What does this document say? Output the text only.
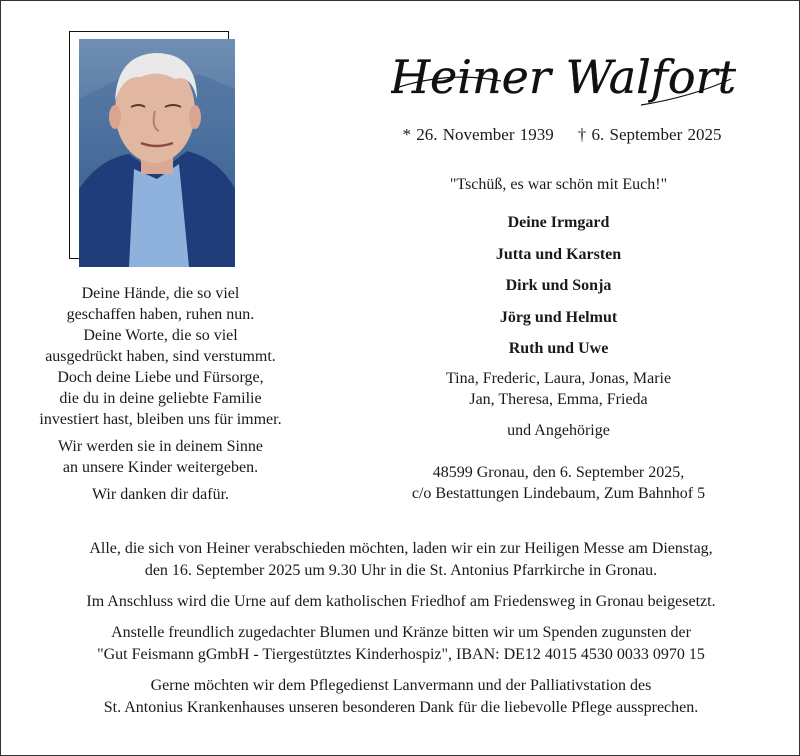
Heiner Walfort
* 26. November 1939 † 6. September 2025
"Tschüß, es war schön mit Euch!"
Deine Irmgard
Jutta und Karsten
Dirk und Sonja
Jörg und Helmut
Ruth und Uwe
Tina, Frederic, Laura, Jonas, Marie
Jan, Theresa, Emma, Frieda
und Angehörige
48599 Gronau, den 6. September 2025,
c/o Bestattungen Lindebaum, Zum Bahnhof 5

Deine Hände, die so viel
geschaffen haben, ruhen nun.
Deine Worte, die so viel
ausgedrückt haben, sind verstummt.
Doch deine Liebe und Fürsorge,
die du in deine geliebte Familie
investiert hast, bleiben uns für immer.

Wir werden sie in deinem Sinne
an unsere Kinder weitergeben.

Wir danken dir dafür.

Alle, die sich von Heiner verabschieden möchten, laden wir ein zur Heiligen Messe am Dienstag,
den 16. September 2025 um 9.30 Uhr in die St. Antonius Pfarrkirche in Gronau.

Im Anschluss wird die Urne auf dem katholischen Friedhof am Friedensweg in Gronau beigesetzt.

Anstelle freundlich zugedachter Blumen und Kränze bitten wir um Spenden zugunsten der
"Gut Feismann gGmbH - Tiergestütztes Kinderhospiz", IBAN: DE12 4015 4530 0033 0970 15

Gerne möchten wir dem Pflegedienst Lanvermann und der Palliativstation des
St. Antonius Krankenhauses unseren besonderen Dank für die liebevolle Pflege aussprechen.
